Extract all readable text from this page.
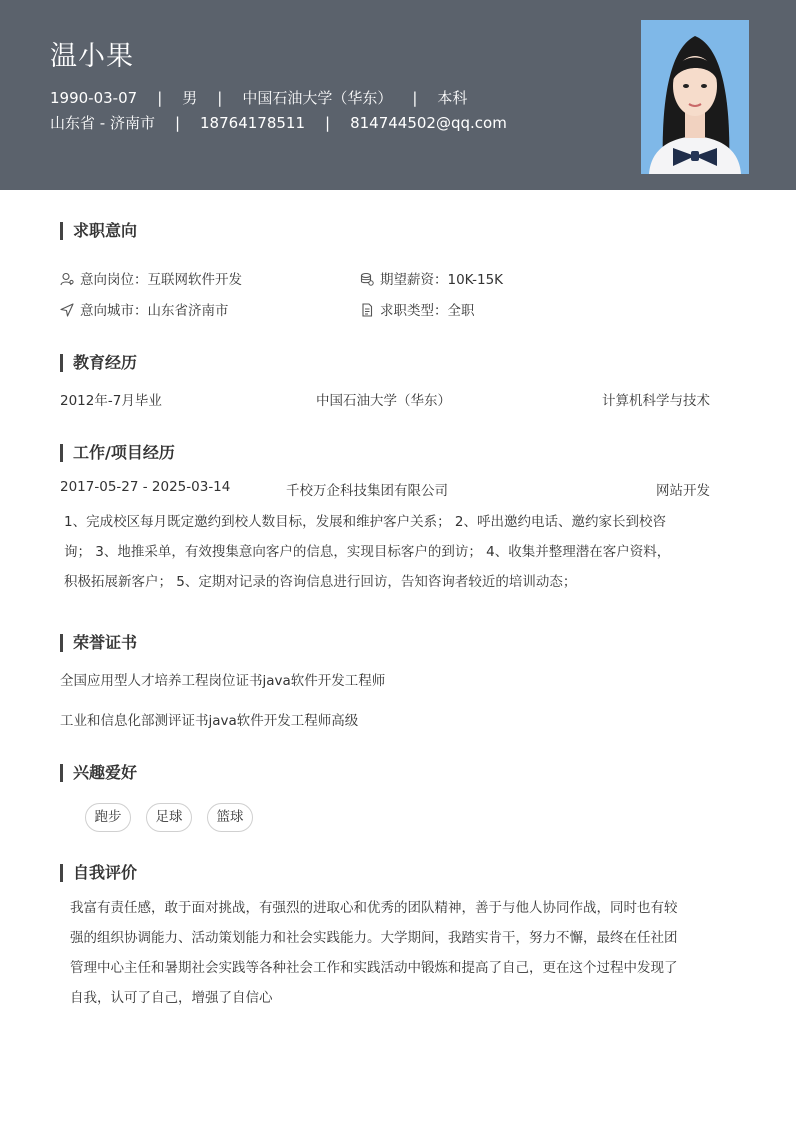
温小果
1990-03-07 | 男 | 中国石油大学（华东） | 本科
山东省 - 济南市 | 18764178511 | 814744502@qq.com
求职意向
意向岗位：互联网软件开发	期望薪资：10K-15K
意向城市：山东省济南市	求职类型：全职
教育经历
2012年-7月毕业	中国石油大学（华东）	计算机科学与技术
工作/项目经历
2017-05-27 - 2025-03-14	千校万企科技集团有限公司	网站开发
1、完成校区每月既定邀约到校人数目标，发展和维护客户关系； 2、呼出邀约电话、邀约家长到校咨
询； 3、地推采单，有效搜集意向客户的信息，实现目标客户的到访； 4、收集并整理潜在客户资料，
积极拓展新客户； 5、定期对记录的咨询信息进行回访，告知咨询者较近的培训动态；
荣誉证书
全国应用型人才培养工程岗位证书java软件开发工程师
工业和信息化部测评证书java软件开发工程师高级
兴趣爱好
跑步	足球	篮球
自我评价
我富有责任感，敢于面对挑战，有强烈的进取心和优秀的团队精神，善于与他人协同作战，同时也有较
强的组织协调能力、活动策划能力和社会实践能力。大学期间，我踏实肯干，努力不懈，最终在任社团
管理中心主任和暑期社会实践等各种社会工作和实践活动中锻炼和提高了自己，更在这个过程中发现了
自我，认可了自己，增强了自信心
